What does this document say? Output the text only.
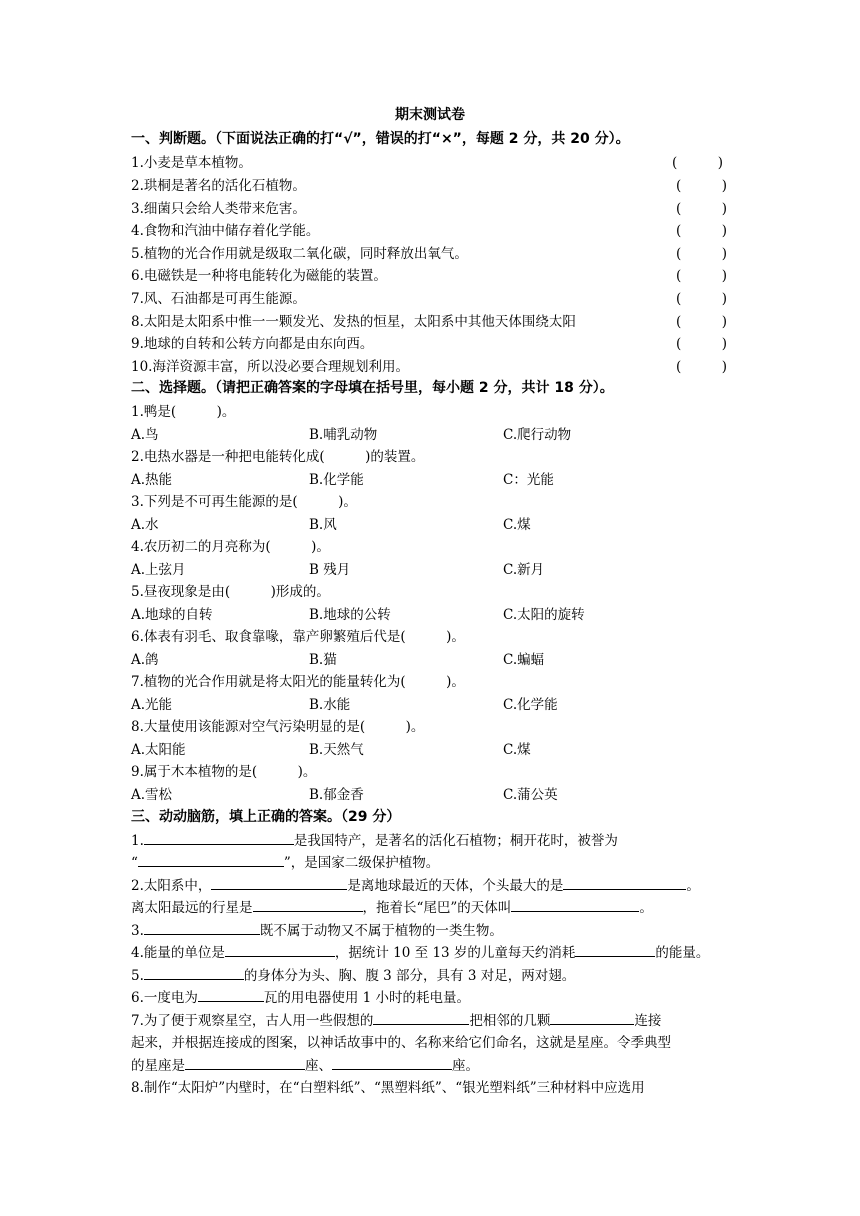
期末测试卷
一、判断题。（下面说法正确的打“√”，错误的打“×”，每题 2 分，共 20 分）。
1.小麦是草本植物。	(　　　)
2.珙桐是著名的活化石植物。	(　　　)
3.细菌只会给人类带来危害。	(　　　)
4.食物和汽油中储存着化学能。	(　　　)
5.植物的光合作用就是级取二氧化碳，同时释放出氧气。	(　　　)
6.电磁铁是一种将电能转化为磁能的装置。	(　　　)
7.风、石油都是可再生能源。	(　　　)
8.太阳是太阳系中惟一一颗发光、发热的恒星，太阳系中其他天体围绕太阳	(　　　)
9.地球的自转和公转方向都是由东向西。	(　　　)
10.海洋资源丰富，所以没必要合理规划利用。	(　　　)
二、选择题。（请把正确答案的字母填在括号里，每小题 2 分，共计 18 分）。
1.鸭是(　　　)。
A.鸟	B.哺乳动物	C.爬行动物
2.电热水器是一种把电能转化成(　　　)的装置。
A.热能	B.化学能	C：光能
3.下列是不可再生能源的是(　　　)。
A.水	B.风	C.煤
4.农历初二的月亮称为(　　　)。
A.上弦月	B 残月	C.新月
5.昼夜现象是由(　　　)形成的。
A.地球的自转	B.地球的公转	C.太阳的旋转
6.体表有羽毛、取食靠喙，靠产卵繁殖后代是(　　　)。
A.鸽	B.猫	C.蝙蝠
7.植物的光合作用就是将太阳光的能量转化为(　　　)。
A.光能	B.水能	C.化学能
8.大量使用该能源对空气污染明显的是(　　　)。
A.太阳能	B.天然气	C.煤
9.属于木本植物的是(　　　)。
A.雪松	B.郁金香	C.蒲公英
三、动动脑筋，填上正确的答案。（29 分）
1.	是我国特产，是著名的活化石植物；桐开花时，被誉为
“	”，是国家二级保护植物。
2.太阳系中，	是离地球最近的天体，个头最大的是	。
离太阳最远的行星是	，拖着长“尾巴”的天体叫	。
3.	既不属于动物又不属于植物的一类生物。
4.能量的单位是	，据统计 10 至 13 岁的儿童每天约消耗	的能量。
5.	的身体分为头、胸、腹 3 部分，具有 3 对足，两对翅。
6.一度电为	瓦的用电器使用 1 小时的耗电量。
7.为了便于观察星空，古人用一些假想的	把相邻的几颗	连接
起来，并根据连接成的图案，以神话故事中的、名称来给它们命名，这就是星座。令季典型
的星座是	座、	座。
8.制作“太阳炉”内壁时，在“白塑料纸”、“黑塑料纸”、“银光塑料纸”三种材料中应选用
